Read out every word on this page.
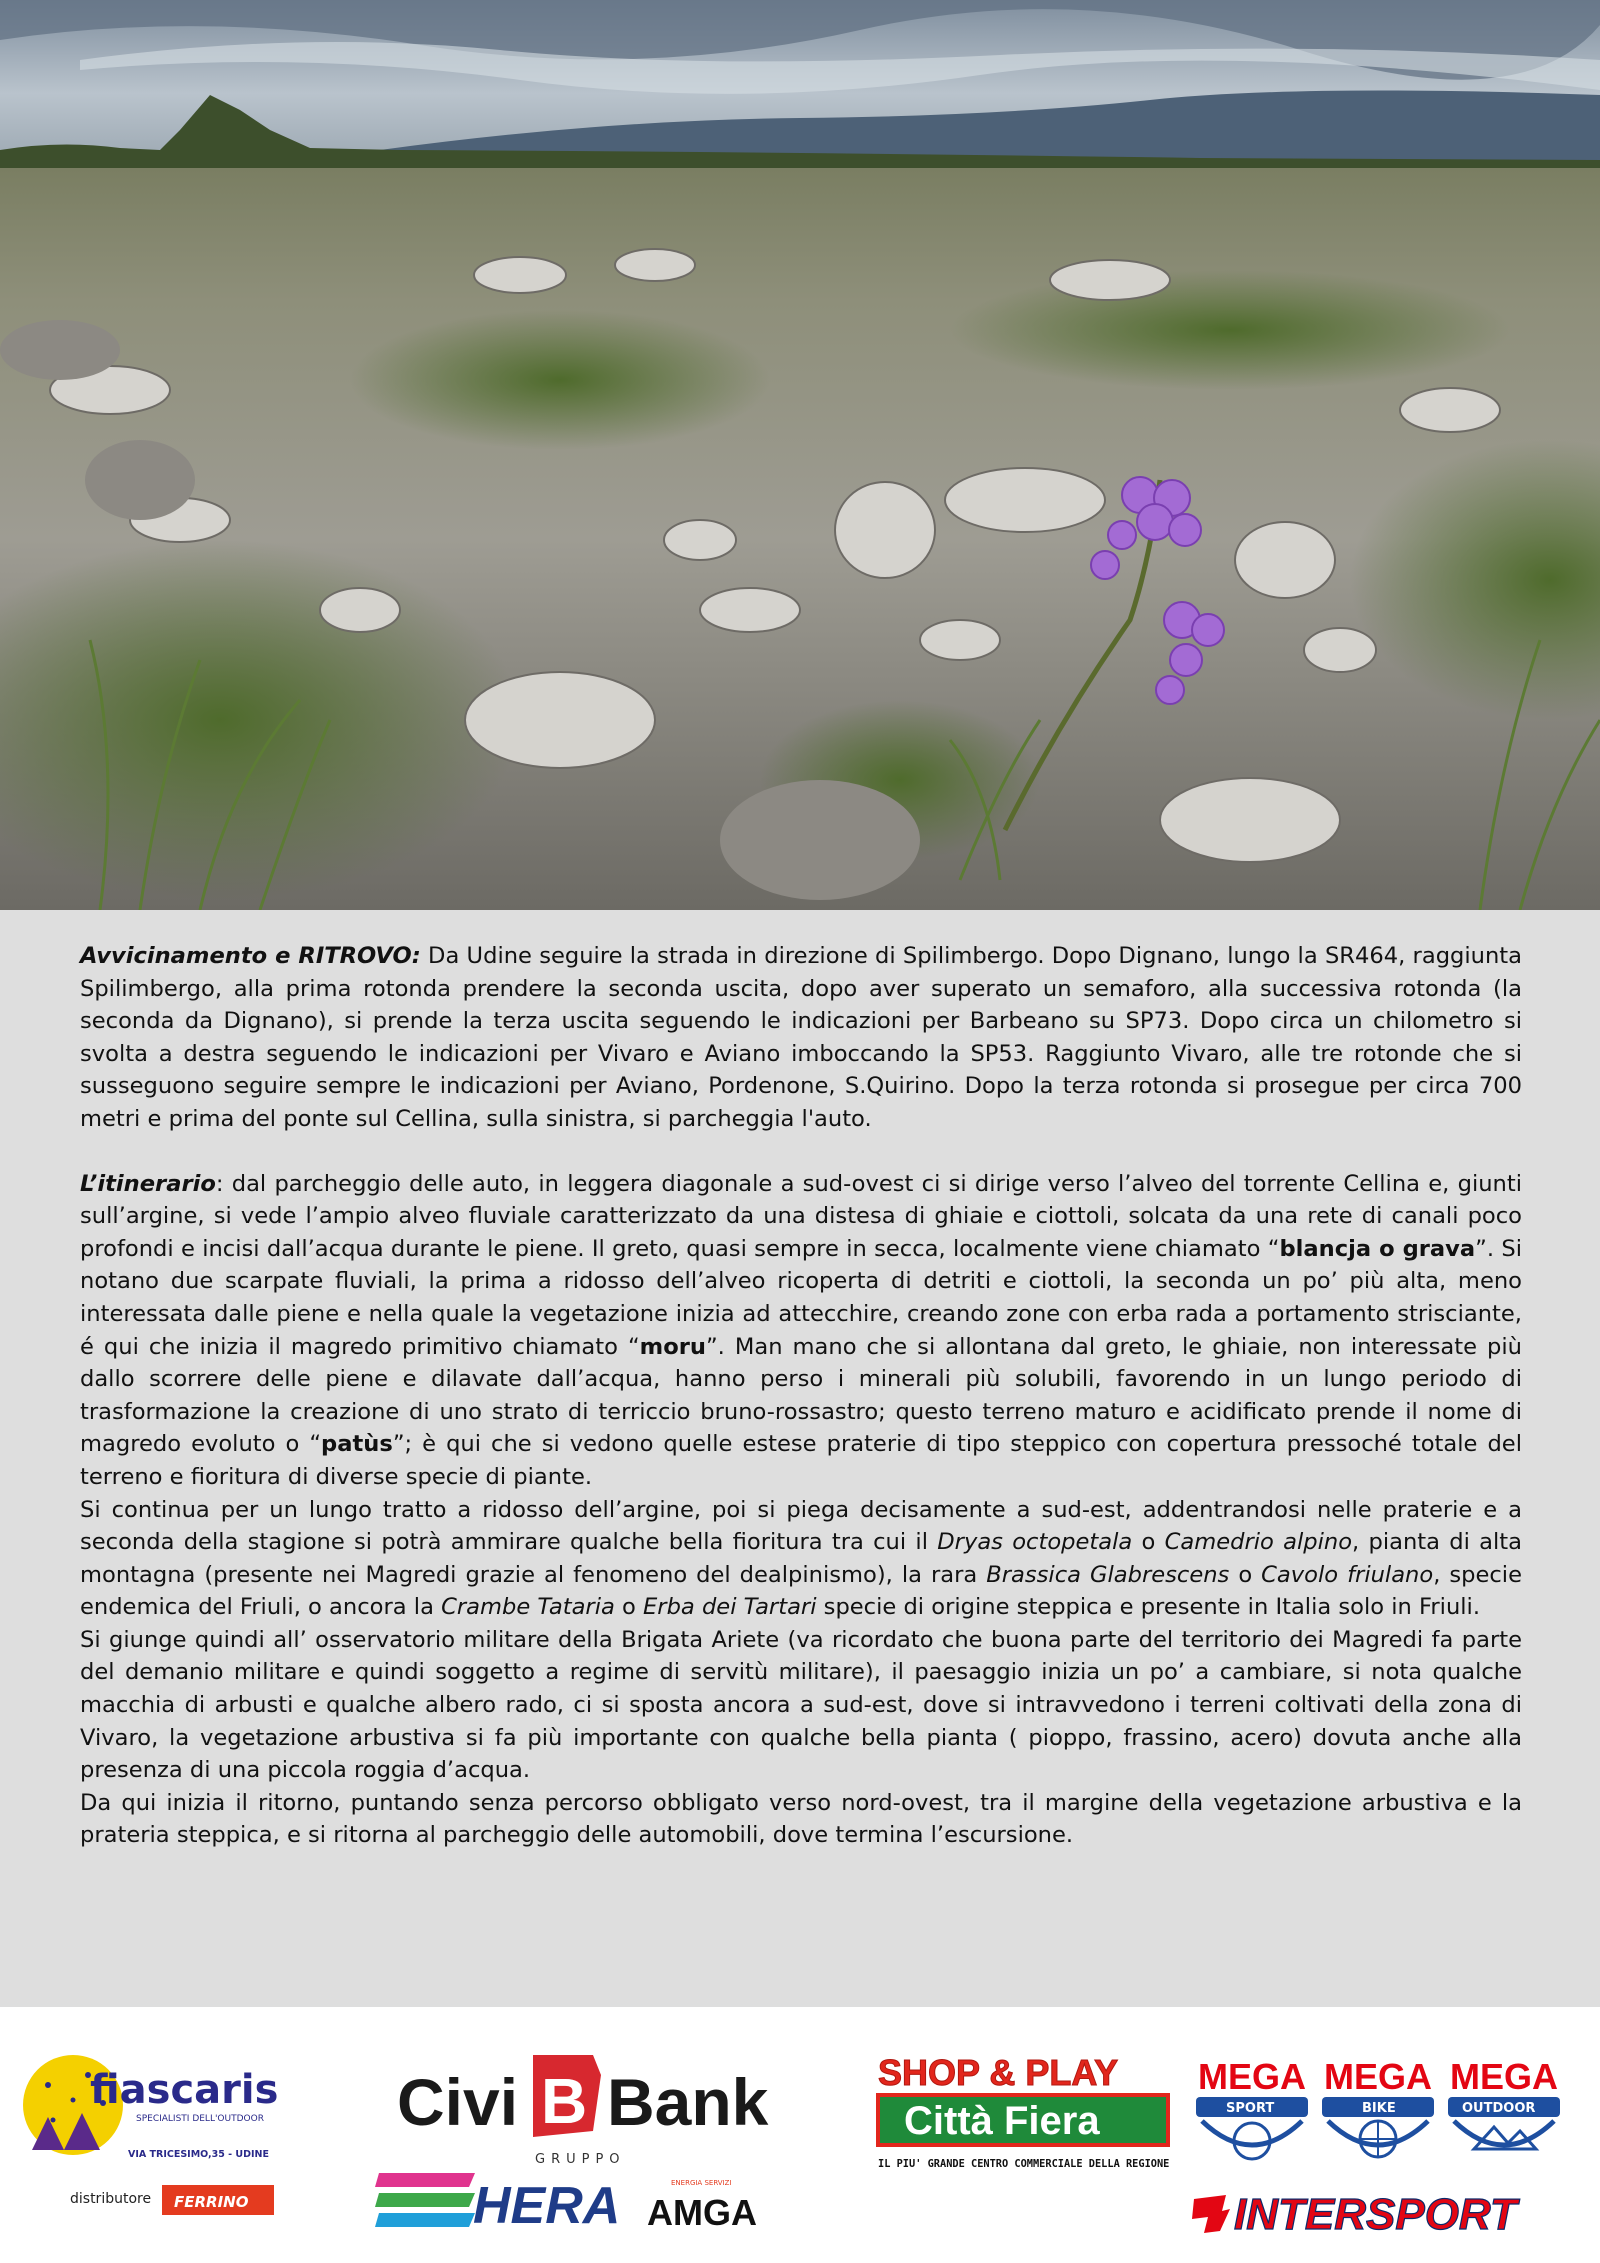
Avvicinamento e RITROVO: Da Udine seguire la strada in direzione di Spilimbergo. Dopo Dignano, lungo la SR464, raggiunta Spilimbergo, alla prima rotonda prendere la seconda uscita, dopo aver superato un semaforo, alla successiva rotonda (la seconda da Dignano), si prende la terza uscita seguendo le indicazioni per Barbeano su SP73. Dopo circa un chilometro si svolta a destra seguendo le indicazioni per Vivaro e Aviano imboccando la SP53. Raggiunto Vivaro, alle tre rotonde che si susseguono seguire sempre le indicazioni per Aviano, Pordenone, S.Quirino. Dopo la terza rotonda si prosegue per circa 700 metri e prima del ponte sul Cellina, sulla sinistra, si parcheggia l'auto.

L’itinerario: dal parcheggio delle auto, in leggera diagonale a sud-ovest ci si dirige verso l’alveo del torrente Cellina e, giunti sull’argine, si vede l’ampio alveo fluviale caratterizzato da una distesa di ghiaie e ciottoli, solcata da una rete di canali poco profondi e incisi dall’acqua durante le piene. Il greto, quasi sempre in secca, localmente viene chiamato “blancja o grava”. Si notano due scarpate fluviali, la prima a ridosso dell’alveo ricoperta di detriti e ciottoli, la seconda un po’ più alta, meno interessata dalle piene e nella quale la vegetazione inizia ad attecchire, creando zone con erba rada a portamento strisciante, é qui che inizia il magredo primitivo chiamato “moru”. Man mano che si allontana dal greto, le ghiaie, non interessate più dallo scorrere delle piene e dilavate dall’acqua, hanno perso i minerali più solubili, favorendo in un lungo periodo di trasformazione la creazione di uno strato di terriccio bruno-rossastro; questo terreno maturo e acidificato prende il nome di magredo evoluto o “patùs”; è qui che si vedono quelle estese praterie di tipo steppico con copertura pressoché totale del terreno e fioritura di diverse specie di piante.

Si continua per un lungo tratto a ridosso dell’argine, poi si piega decisamente a sud-est, addentrandosi nelle praterie e a seconda della stagione si potrà ammirare qualche bella fioritura tra cui il Dryas octopetala o Camedrio alpino, pianta di alta montagna (presente nei Magredi grazie al fenomeno del dealpinismo), la rara Brassica Glabrescens o Cavolo friulano, specie endemica del Friuli, o ancora la Crambe Tataria o Erba dei Tartari specie di origine steppica e presente in Italia solo in Friuli.

Si giunge quindi all’ osservatorio militare della Brigata Ariete (va ricordato che buona parte del territorio dei Magredi fa parte del demanio militare e quindi soggetto a regime di servitù militare), il paesaggio inizia un po’ a cambiare, si nota qualche macchia di arbusti e qualche albero rado, ci si sposta ancora a sud-est, dove si intravvedono i terreni coltivati della zona di Vivaro, la vegetazione arbustiva si fa più importante con qualche bella pianta ( pioppo, frassino, acero) dovuta anche alla presenza di una piccola roggia d’acqua.

Da qui inizia il ritorno, puntando senza percorso obbligato verso nord-ovest, tra il margine della vegetazione arbustiva e la prateria steppica, e si ritorna al parcheggio delle automobili, dove termina l’escursione.

fiascaris
SPECIALISTI DELL'OUTDOOR
VIA TRICESIMO,35 - UDINE
distributore FERRINO
Civi B Bank
GRUPPO
HERA	ENERGIA SERVIZI
AMGA
SHOP & PLAY
Città Fiera
IL PIU' GRANDE CENTRO COMMERCIALE DELLA REGIONE
MEGA
SPORT
MEGA
BIKE
MEGA
OUTDOOR
INTERSPORT
